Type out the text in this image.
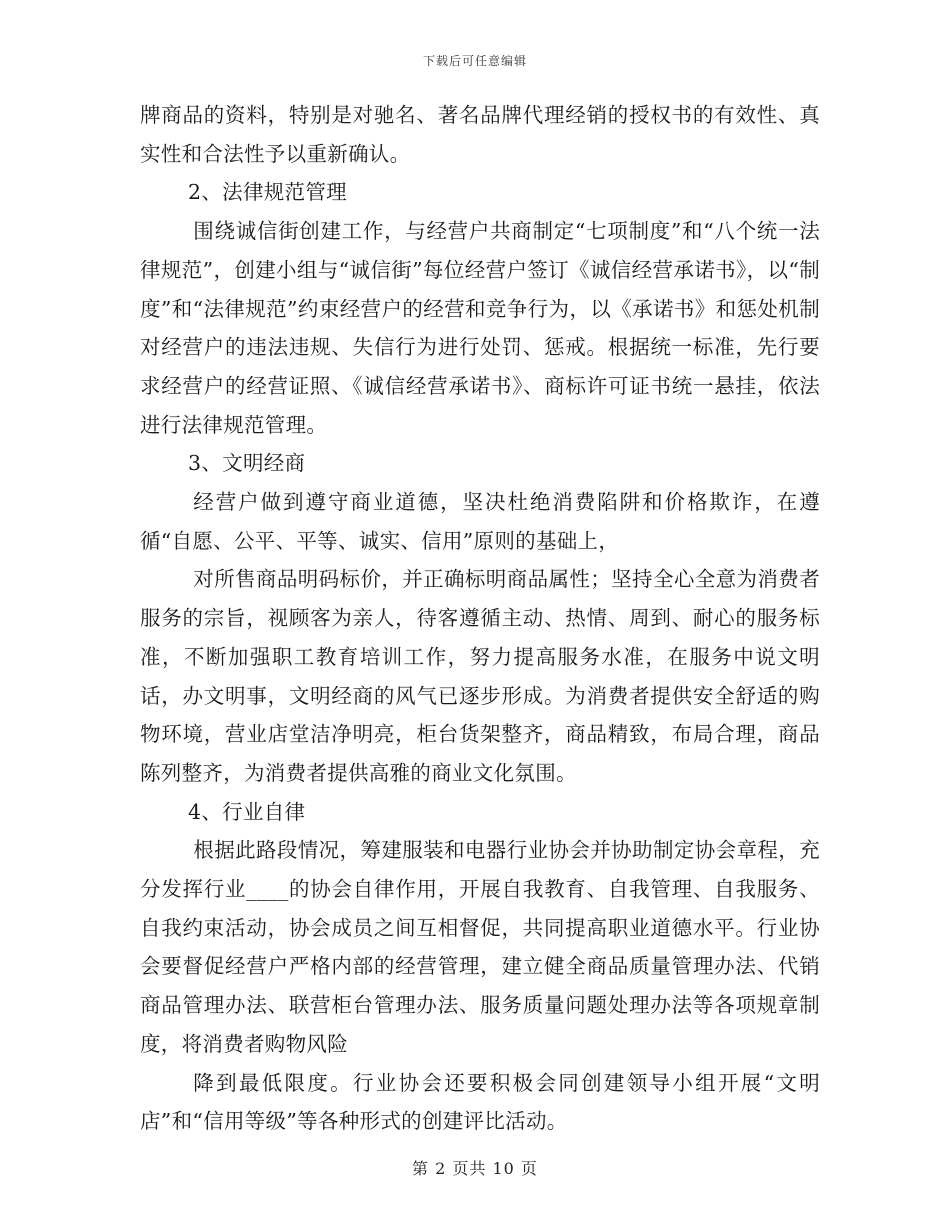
下载后可任意编辑

牌商品的资料，特别是对驰名、著名品牌代理经销的授权书的有效性、真实性和合法性予以重新确认。

2、法律规范管理

围绕诚信街创建工作，与经营户共商制定“七项制度”和“八个统一法律规范”，创建小组与“诚信街”每位经营户签订《诚信经营承诺书》，以“制度”和“法律规范”约束经营户的经营和竞争行为，以《承诺书》和惩处机制对经营户的违法违规、失信行为进行处罚、惩戒。根据统一标准，先行要求经营户的经营证照、《诚信经营承诺书》、商标许可证书统一悬挂，依法进行法律规范管理。

3、文明经商

经营户做到遵守商业道德，坚决杜绝消费陷阱和价格欺诈，在遵循“自愿、公平、平等、诚实、信用”原则的基础上，

对所售商品明码标价，并正确标明商品属性；坚持全心全意为消费者服务的宗旨，视顾客为亲人，待客遵循主动、热情、周到、耐心的服务标准，不断加强职工教育培训工作，努力提高服务水准，在服务中说文明话，办文明事，文明经商的风气已逐步形成。为消费者提供安全舒适的购物环境，营业店堂洁净明亮，柜台货架整齐，商品精致，布局合理，商品陈列整齐，为消费者提供高雅的商业文化氛围。

4、行业自律

根据此路段情况，筹建服装和电器行业协会并协助制定协会章程，充分发挥行业____的协会自律作用，开展自我教育、自我管理、自我服务、自我约束活动，协会成员之间互相督促，共同提高职业道德水平。行业协会要督促经营户严格内部的经营管理，建立健全商品质量管理办法、代销商品管理办法、联营柜台管理办法、服务质量问题处理办法等各项规章制度，将消费者购物风险

降到最低限度。行业协会还要积极会同创建领导小组开展“文明店”和“信用等级”等各种形式的创建评比活动。

第 2 页共 10 页
